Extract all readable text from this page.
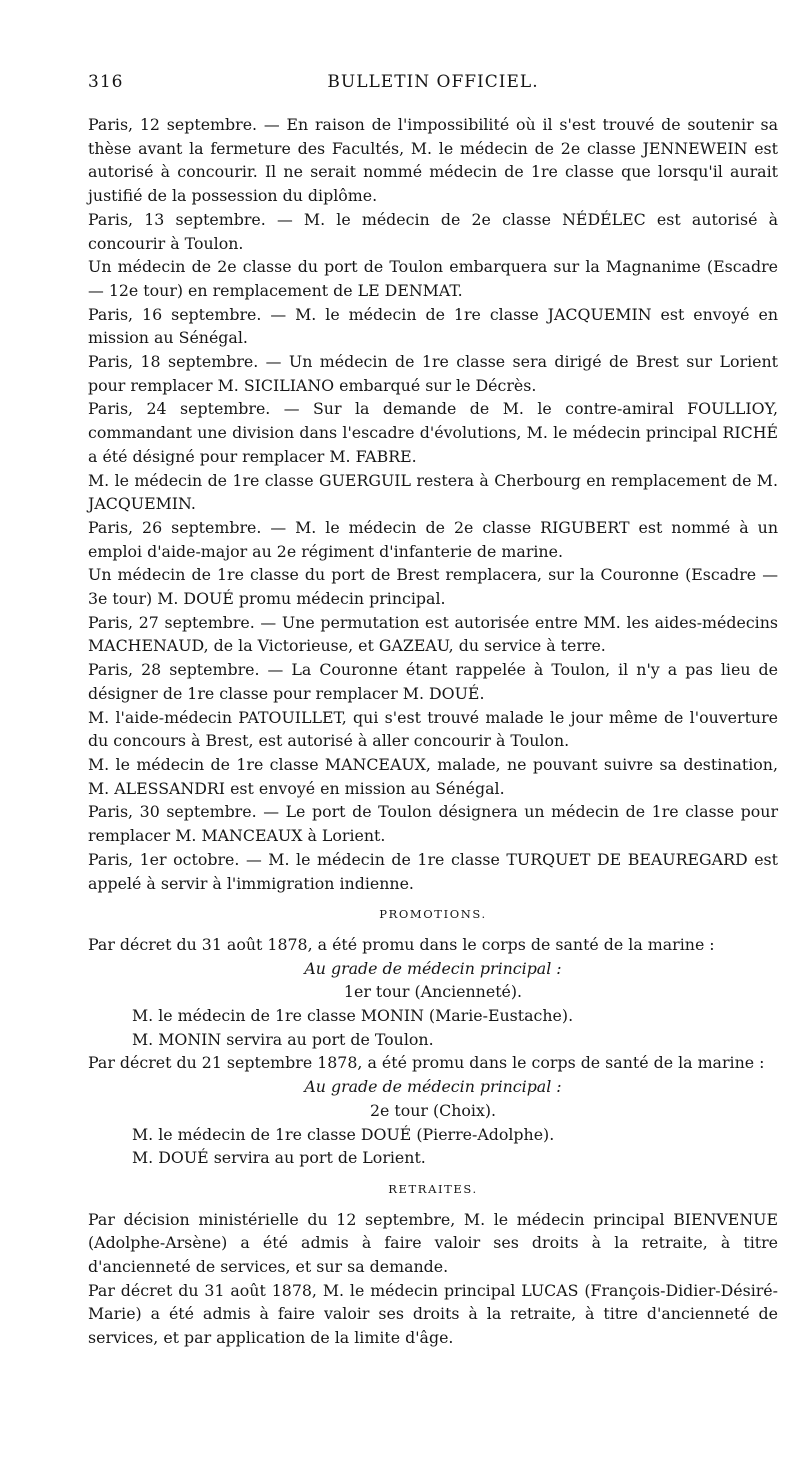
316	BULLETIN OFFICIEL.

Paris, 12 septembre. — En raison de l'impossibilité où il s'est trouvé de soutenir sa thèse avant la fermeture des Facultés, M. le médecin de 2e classe JENNEWEIN est autorisé à concourir. Il ne serait nommé médecin de 1re classe que lorsqu'il aurait justifié de la possession du diplôme.

Paris, 13 septembre. — M. le médecin de 2e classe NÉDÉLEC est autorisé à concourir à Toulon.

Un médecin de 2e classe du port de Toulon embarquera sur la Magnanime (Escadre — 12e tour) en remplacement de LE DENMAT.

Paris, 16 septembre. — M. le médecin de 1re classe JACQUEMIN est envoyé en mission au Sénégal.

Paris, 18 septembre. — Un médecin de 1re classe sera dirigé de Brest sur Lorient pour remplacer M. SICILIANO embarqué sur le Décrès.

Paris, 24 septembre. — Sur la demande de M. le contre-amiral FOULLIOY, commandant une division dans l'escadre d'évolutions, M. le médecin principal RICHÉ a été désigné pour remplacer M. FABRE.

M. le médecin de 1re classe GUERGUIL restera à Cherbourg en remplacement de M. JACQUEMIN.

Paris, 26 septembre. — M. le médecin de 2e classe RIGUBERT est nommé à un emploi d'aide-major au 2e régiment d'infanterie de marine.

Un médecin de 1re classe du port de Brest remplacera, sur la Couronne (Escadre — 3e tour) M. DOUÉ promu médecin principal.

Paris, 27 septembre. — Une permutation est autorisée entre MM. les aides-médecins MACHENAUD, de la Victorieuse, et GAZEAU, du service à terre.

Paris, 28 septembre. — La Couronne étant rappelée à Toulon, il n'y a pas lieu de désigner de 1re classe pour remplacer M. DOUÉ.

M. l'aide-médecin PATOUILLET, qui s'est trouvé malade le jour même de l'ouverture du concours à Brest, est autorisé à aller concourir à Toulon.

M. le médecin de 1re classe MANCEAUX, malade, ne pouvant suivre sa destination, M. ALESSANDRI est envoyé en mission au Sénégal.

Paris, 30 septembre. — Le port de Toulon désignera un médecin de 1re classe pour remplacer M. MANCEAUX à Lorient.

Paris, 1er octobre. — M. le médecin de 1re classe TURQUET DE BEAUREGARD est appelé à servir à l'immigration indienne.

PROMOTIONS.

Par décret du 31 août 1878, a été promu dans le corps de santé de la marine :

Au grade de médecin principal :

1er tour (Ancienneté).

M. le médecin de 1re classe MONIN (Marie-Eustache).

M. MONIN servira au port de Toulon.

Par décret du 21 septembre 1878, a été promu dans le corps de santé de la marine :

Au grade de médecin principal :

2e tour (Choix).

M. le médecin de 1re classe DOUÉ (Pierre-Adolphe).

M. DOUÉ servira au port de Lorient.

RETRAITES.

Par décision ministérielle du 12 septembre, M. le médecin principal BIENVENUE (Adolphe-Arsène) a été admis à faire valoir ses droits à la retraite, à titre d'ancienneté de services, et sur sa demande.

Par décret du 31 août 1878, M. le médecin principal LUCAS (François-Didier-Désiré-Marie) a été admis à faire valoir ses droits à la retraite, à titre d'ancienneté de services, et par application de la limite d'âge.
